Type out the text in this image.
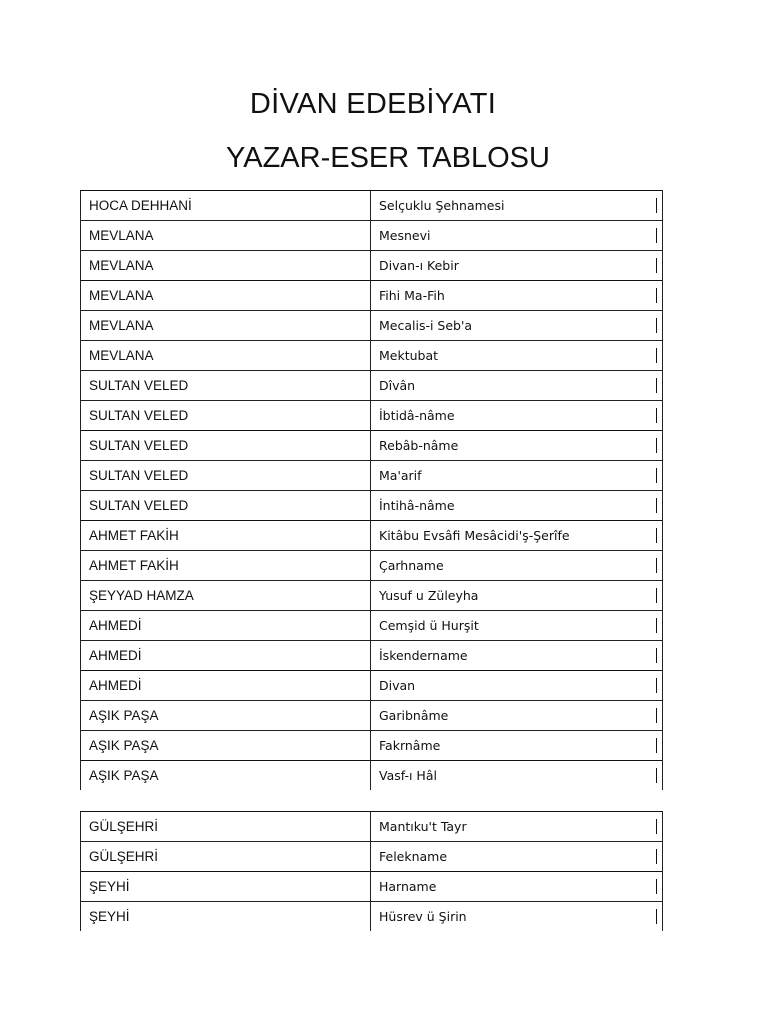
DİVAN EDEBİYATI
YAZAR-ESER TABLOSU
HOCA DEHHANİ	Selçuklu Şehnamesi
MEVLANA	Mesnevi
MEVLANA	Divan-ı Kebir
MEVLANA	Fihi Ma-Fih
MEVLANA	Mecalis-i Seb'a
MEVLANA	Mektubat
SULTAN VELED	Dîvân
SULTAN VELED	İbtidâ-nâme
SULTAN VELED	Rebâb-nâme
SULTAN VELED	Ma'arif
SULTAN VELED	İntihâ-nâme
AHMET FAKİH	Kitâbu Evsâfi Mesâcidi'ş-Şerîfe
AHMET FAKİH	Çarhname
ŞEYYAD HAMZA	Yusuf u Züleyha
AHMEDİ	Cemşid ü Hurşit
AHMEDİ	İskendername
AHMEDİ	Divan
AŞIK PAŞA	Garibnâme
AŞIK PAŞA	Fakrnâme
AŞIK PAŞA	Vasf-ı Hâl
GÜLŞEHRİ	Mantıku't Tayr
GÜLŞEHRİ	Felekname
ŞEYHİ	Harname
ŞEYHİ	Hüsrev ü Şirin
